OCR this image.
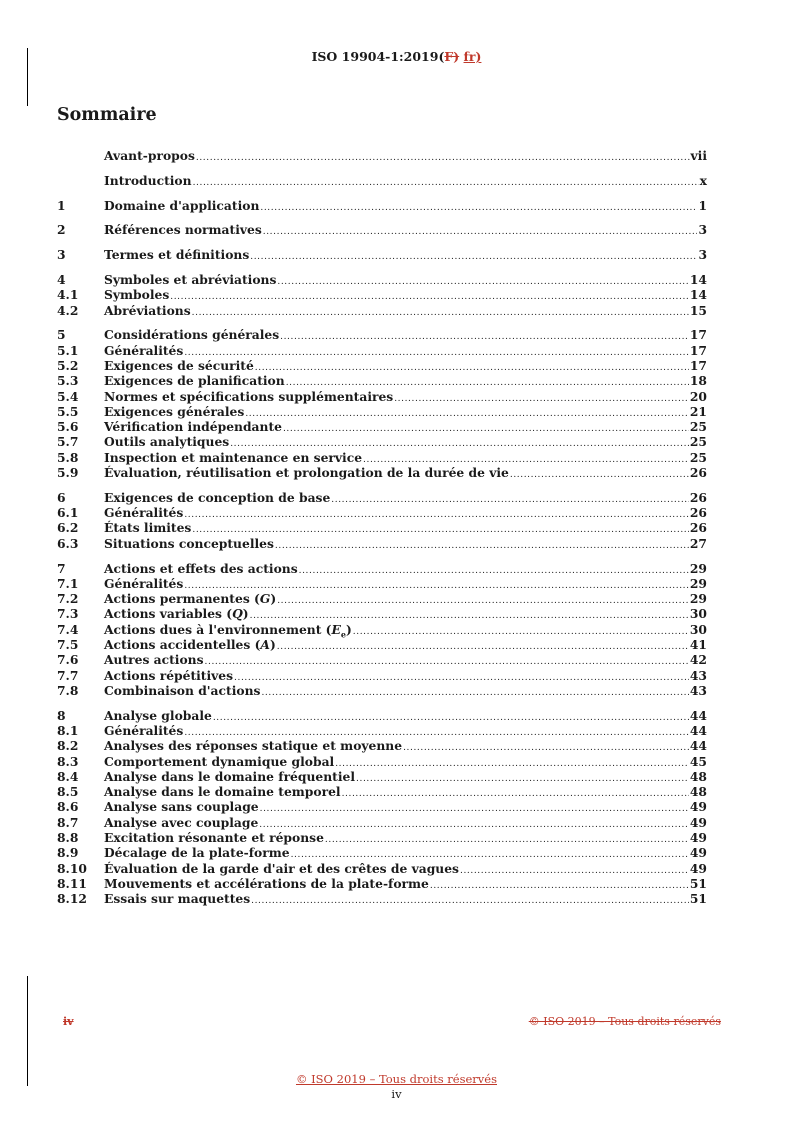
ISO 19904-1:2019(F) fr)
Sommaire
Avant-propos .....	vii
Introduction .....	x
1	Domaine d'application .....	1
2	Références normatives .....	3
3	Termes et définitions .....	3
4	Symboles et abréviations .....	14
4.1	Symboles .....	14
4.2	Abréviations .....	15
5	Considérations générales .....	17
5.1	Généralités .....	17
5.2	Exigences de sécurité .....	17
5.3	Exigences de planification .....	18
5.4	Normes et spécifications supplémentaires .....	20
5.5	Exigences générales .....	21
5.6	Vérification indépendante .....	25
5.7	Outils analytiques .....	25
5.8	Inspection et maintenance en service .....	25
5.9	Évaluation, réutilisation et prolongation de la durée de vie .....	26
6	Exigences de conception de base .....	26
6.1	Généralités .....	26
6.2	États limites .....	26
6.3	Situations conceptuelles .....	27
7	Actions et effets des actions .....	29
7.1	Généralités .....	29
7.2	Actions permanentes (G) .....	29
7.3	Actions variables (Q) .....	30
7.4	Actions dues à l'environnement $(E_e)$ .....	30
7.5	Actions accidentelles (A) .....	41
7.6	Autres actions .....	42
7.7	Actions répétitives .....	43
7.8	Combinaison d'actions .....	43
8	Analyse globale .....	44
8.1	Généralités .....	44
8.2	Analyses des réponses statique et moyenne .....	44
8.3	Comportement dynamique global .....	45
8.4	Analyse dans le domaine fréquentiel .....	48
8.5	Analyse dans le domaine temporel .....	48
8.6	Analyse sans couplage .....	49
8.7	Analyse avec couplage .....	49
8.8	Excitation résonante et réponse .....	49
8.9	Décalage de la plate-forme .....	49
8.10	Évaluation de la garde d'air et des crêtes de vagues .....	49
8.11	Mouvements et accélérations de la plate-forme .....	51
8.12	Essais sur maquettes .....	51
iv	© ISO 2019 – Tous droits réservés
© ISO 2019 – Tous droits réservés
iv
